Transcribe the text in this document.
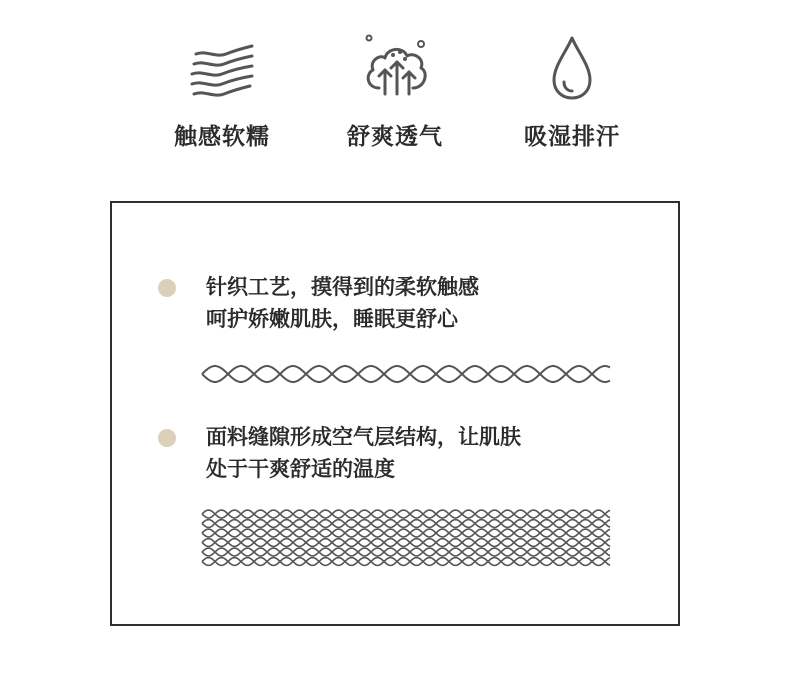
触感软糯	舒爽透气	吸湿排汗
针织工艺，摸得到的柔软触感
呵护娇嫩肌肤，睡眠更舒心
面料缝隙形成空气层结构，让肌肤
处于干爽舒适的温度
